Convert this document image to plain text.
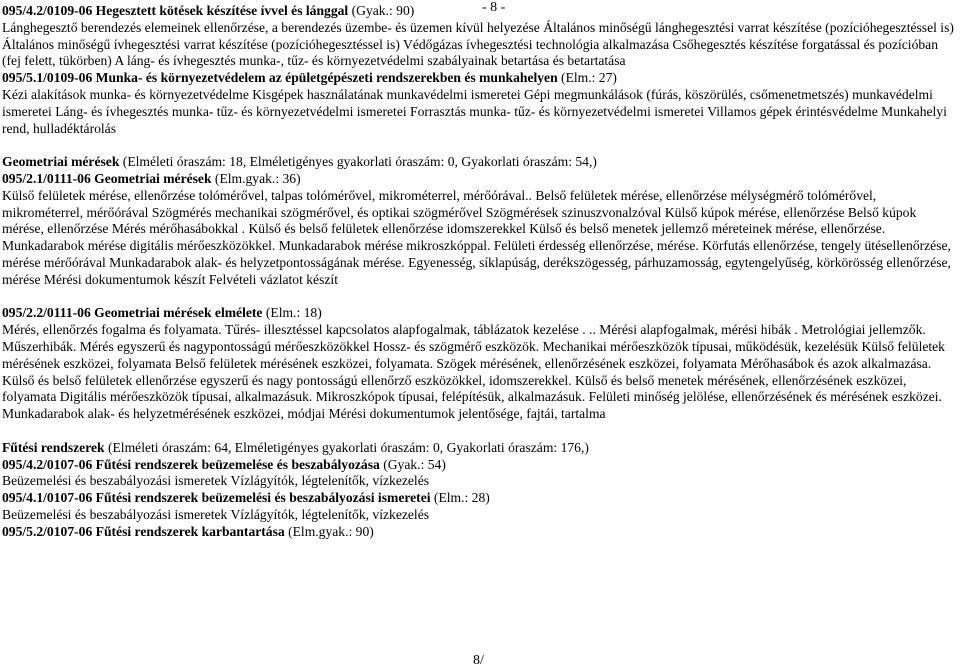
- 8 -

095/4.2/0109-06 Hegesztett kötések készítése ívvel és lánggal (Gyak.: 90)

Lánghegesztő berendezés elemeinek ellenőrzése, a berendezés üzembe- és üzemen kívül helyezése Általános minőségű lánghegesztési varrat készítése (pozícióhegesztéssel is) Általános minőségű ívhegesztési varrat készítése (pozícióhegesztéssel is) Védőgázas ívhegesztési technológia alkalmazása Csőhegesztés készítése forgatással és pozícióban (fej felett, tükörben) A láng- és ívhegesztés munka-, tűz- és környezetvédelmi szabályainak betartása és betartatása

095/5.1/0109-06 Munka- és környezetvédelem az épületgépészeti rendszerekben és munkahelyen (Elm.: 27)

Kézi alakítások munka- és környezetvédelme Kisgépek használatának munkavédelmi ismeretei Gépi megmunkálások (fúrás, köszörülés, csőmenetmetszés) munkavédelmi ismeretei Láng- és ívhegesztés munka- tűz- és környezetvédelmi ismeretei Forrasztás munka- tűz- és környezetvédelmi ismeretei Villamos gépek érintésvédelme Munkahelyi rend, hulladéktárolás

Geometriai mérések (Elméleti óraszám: 18, Elméletigényes gyakorlati óraszám: 0, Gyakorlati óraszám: 54,)

095/2.1/0111-06 Geometriai mérések (Elm.gyak.: 36)

Külső felületek mérése, ellenőrzése tolómérővel, talpas tolómérővel, mikrométerrel, mérőórával.. Belső felületek mérése, ellenőrzése mélységmérő tolómérővel, mikrométerrel, mérőórával Szögmérés mechanikai szögmérővel, és optikai szögmérővel Szögmérések szinuszvonalzóval Külső kúpok mérése, ellenőrzése Belső kúpok mérése, ellenőrzése Mérés mérőhasábokkal . Külső és belső felületek ellenőrzése idomszerekkel Külső és belső menetek jellemző méreteinek mérése, ellenőrzése. Munkadarabok mérése digitális mérőeszközökkel. Munkadarabok mérése mikroszkóppal. Felületi érdesség ellenőrzése, mérése. Körfutás ellenőrzése, tengely ütésellenőrzése, mérése mérőórával Munkadarabok alak- és helyzetpontosságának mérése. Egyenesség, síklapúság, derékszögesség, párhuzamosság, egytengelyűség, körkörösség ellenőrzése, mérése Mérési dokumentumok készít Felvételi vázlatot készít

095/2.2/0111-06 Geometriai mérések elmélete (Elm.: 18)

Mérés, ellenőrzés fogalma és folyamata. Tűrés- illesztéssel kapcsolatos alapfogalmak, táblázatok kezelése . .. Mérési alapfogalmak, mérési hibák . Metrológiai jellemzők. Műszerhibák. Mérés egyszerű és nagypontosságú mérőeszközökkel Hossz- és szögmérő eszközök. Mechanikai mérőeszközök típusai, működésük, kezelésük Külső felületek mérésének eszközei, folyamata Belső felületek mérésének eszközei, folyamata. Szögek mérésének, ellenőrzésének eszközei, folyamata Mérőhasábok és azok alkalmazása. Külső és belső felületek ellenőrzése egyszerű és nagy pontosságú ellenőrző eszközökkel, idomszerekkel. Külső és belső menetek mérésének, ellenőrzésének eszközei, folyamata Digitális mérőeszközök típusai, alkalmazásuk. Mikroszkópok típusai, felépítésük, alkalmazásuk. Felületi minőség jelölése, ellenőrzésének és mérésének eszközei. Munkadarabok alak- és helyzetmérésének eszközei, módjai Mérési dokumentumok jelentősége, fajtái, tartalma

Fűtési rendszerek (Elméleti óraszám: 64, Elméletigényes gyakorlati óraszám: 0, Gyakorlati óraszám: 176,)

095/4.2/0107-06 Fűtési rendszerek beüzemelése és beszabályozása (Gyak.: 54)

Beüzemelési és beszabályozási ismeretek Vízlágyítók, légtelenítők, vízkezelés

095/4.1/0107-06 Fűtési rendszerek beüzemelési és beszabályozási ismeretei (Elm.: 28)

Beüzemelési és beszabályozási ismeretek Vízlágyítók, légtelenítők, vízkezelés

095/5.2/0107-06 Fűtési rendszerek karbantartása (Elm.gyak.: 90)

8/
